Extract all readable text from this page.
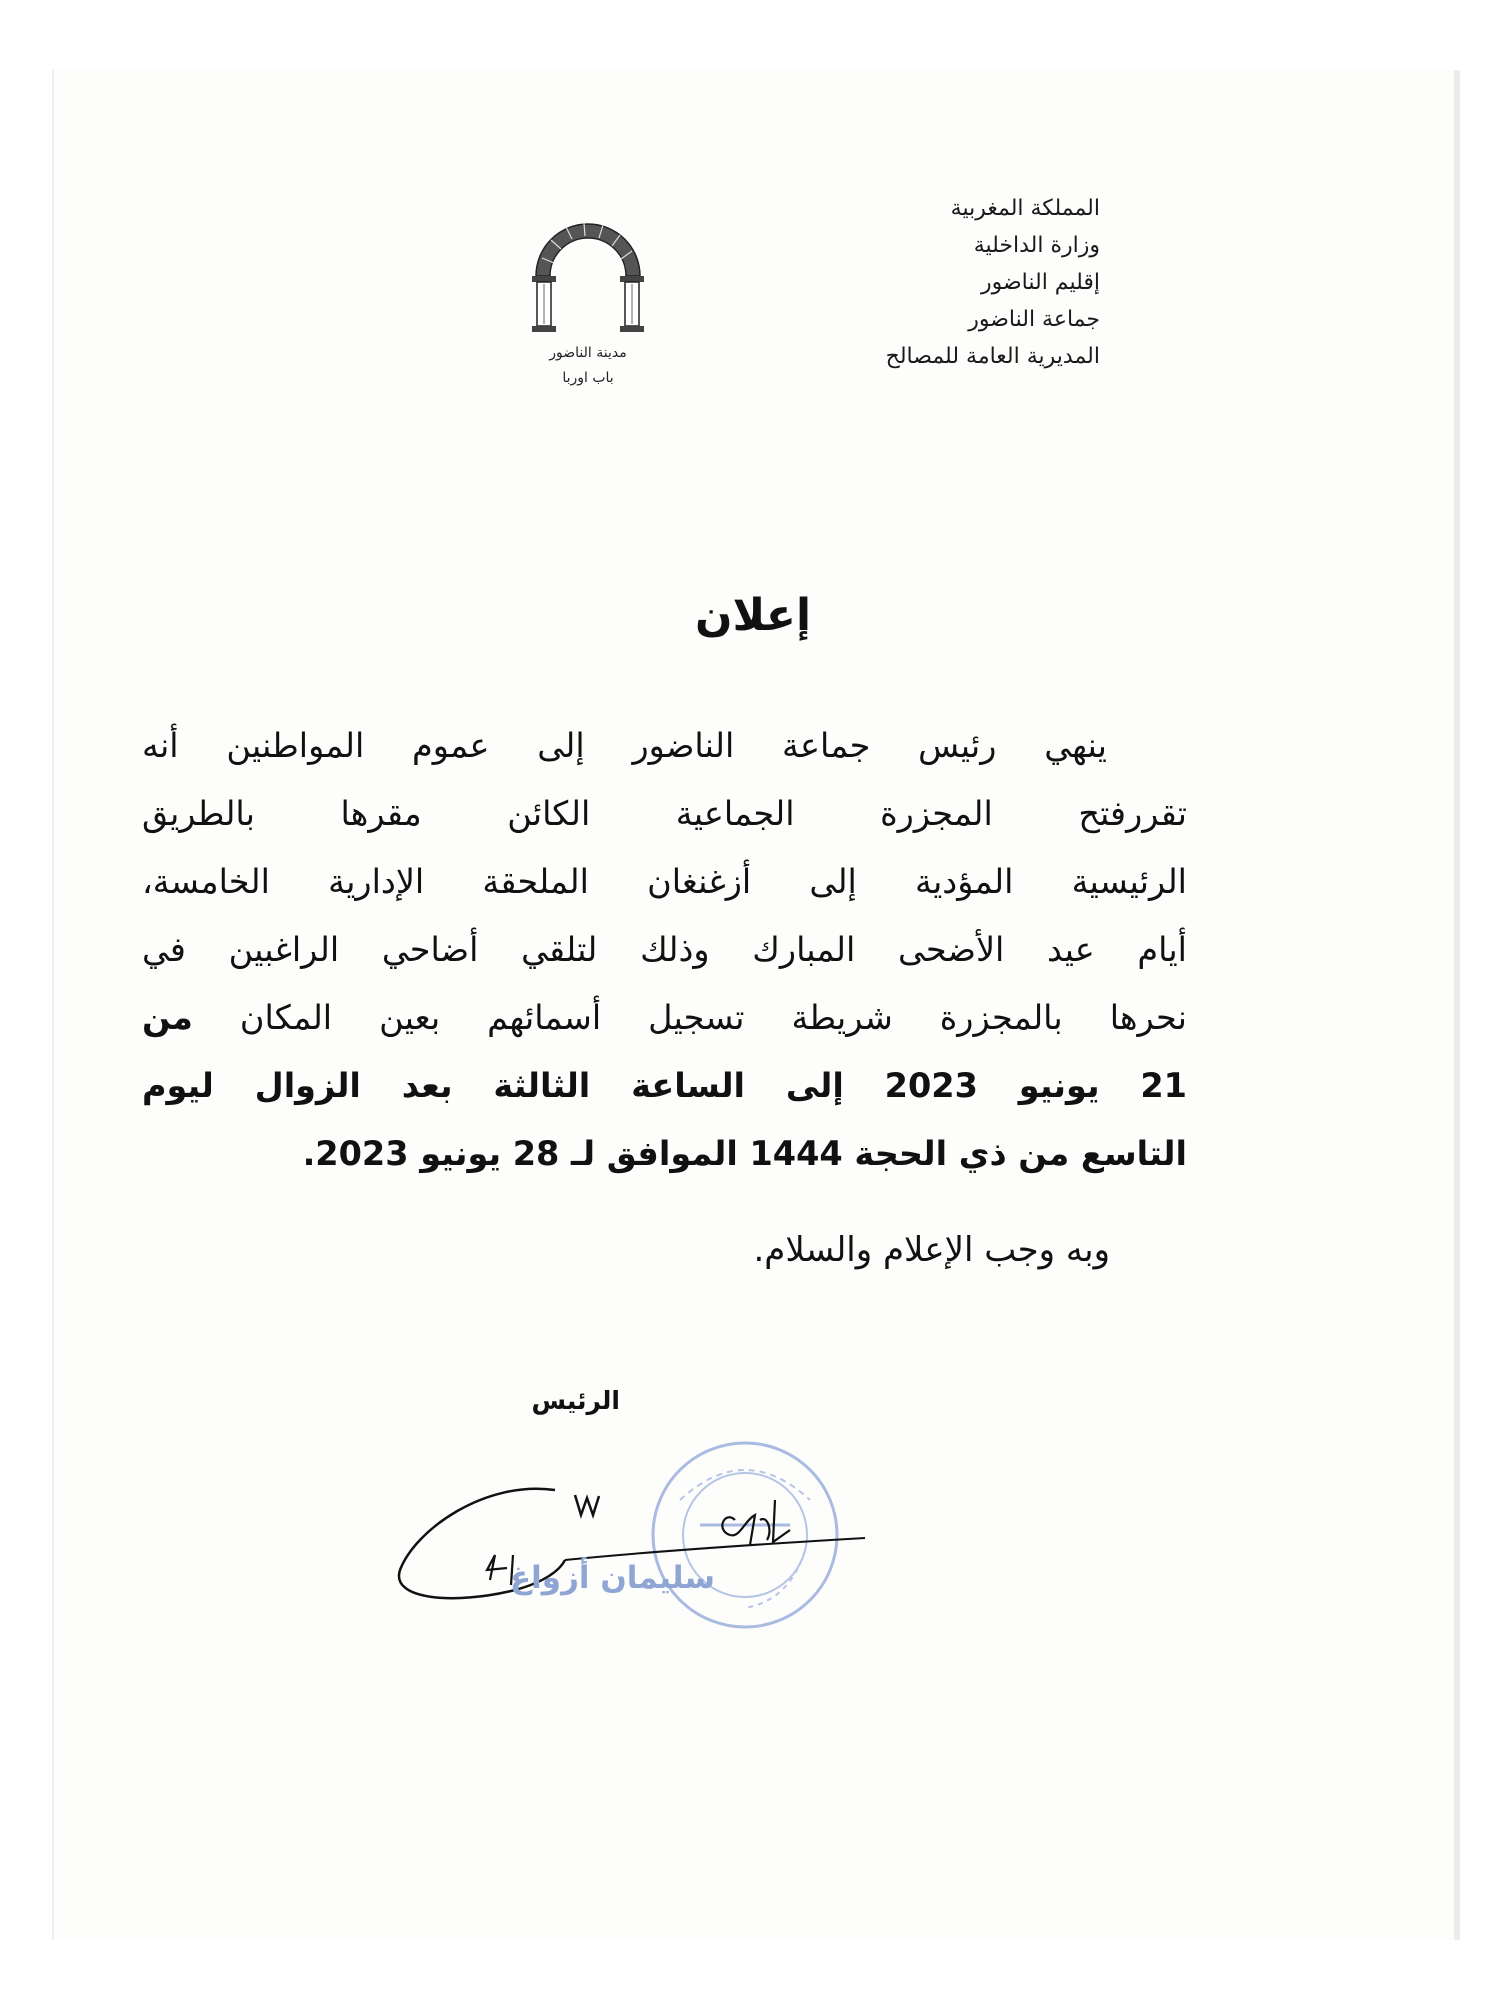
المملكة المغربية
وزارة الداخلية
إقليم الناضور
جماعة الناضور
المديرية العامة للمصالح
مدينة الناضور
باب اوربا
إعلان
ينهي رئيس جماعة الناضور إلى عموم المواطنين أنه
تقررفتح المجزرة الجماعية الكائن مقرها بالطريق
الرئيسية المؤدية إلى أزغنغان الملحقة الإدارية الخامسة،
أيام عيد الأضحى المبارك وذلك لتلقي أضاحي الراغبين في
نحرها بالمجزرة شريطة تسجيل أسمائهم بعين المكان من
21 يونيو 2023 إلى الساعة الثالثة بعد الزوال ليوم
التاسع من ذي الحجة 1444 الموافق لـ 28 يونيو 2023.
وبه وجب الإعلام والسلام.
الرئيس
سليمان أزواغ
